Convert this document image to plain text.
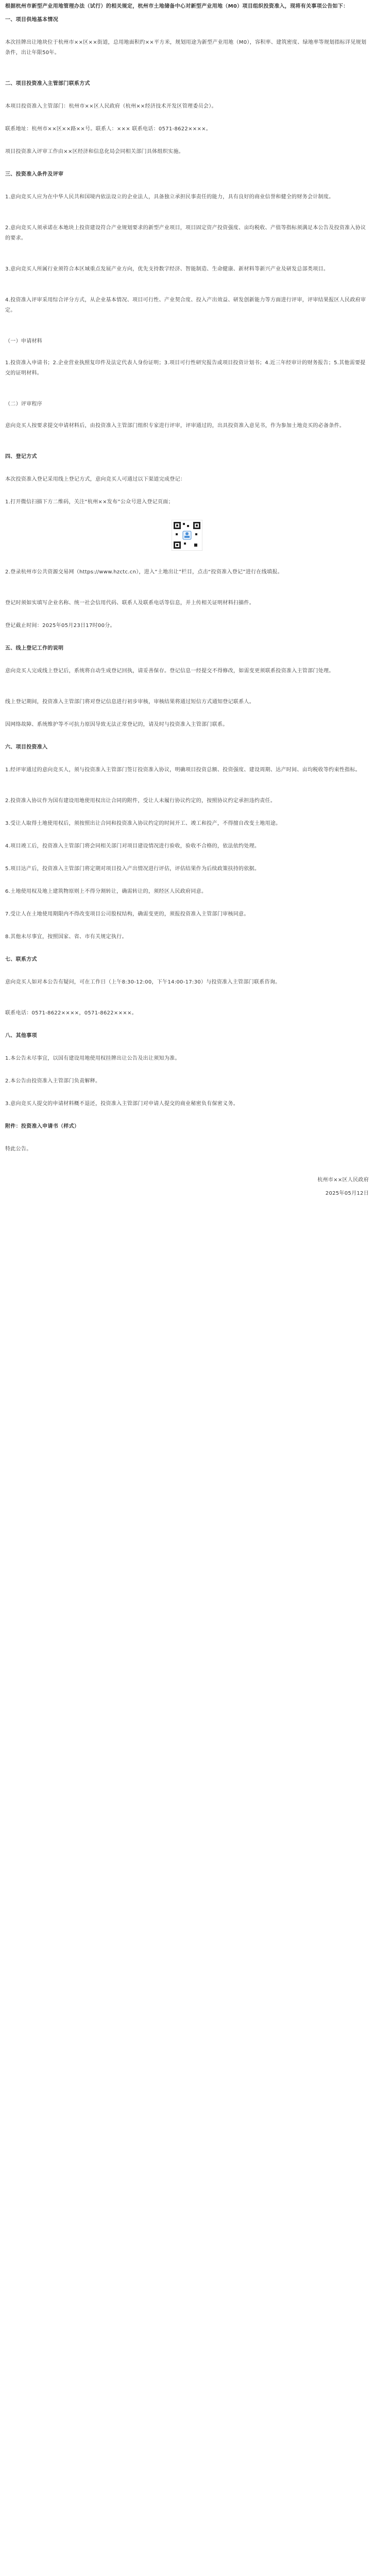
根据杭州市新型产业用地管理办法（试行）的相关规定，杭州市土地储备中心对新型产业用地（M0）项目组织投资准入，现将有关事项公告如下：

一、项目供地基本情况

本次挂牌出让地块位于杭州市××区××街道，总用地面积约××平方米，规划用途为新型产业用地（M0），容积率、建筑密度、绿地率等规划指标详见规划条件，出让年限50年。

二、项目投资准入主管部门联系方式

本项目投资准入主管部门：杭州市××区人民政府（杭州××经济技术开发区管理委员会）。

联系地址：杭州市××区××路××号。联系人：××× 联系电话：0571-8622××××。

项目投资准入评审工作由××区经济和信息化局会同相关部门具体组织实施。

三、投资准入条件及评审

1.意向竞买人应为在中华人民共和国境内依法设立的企业法人，具备独立承担民事责任的能力，具有良好的商业信誉和健全的财务会计制度。

2.意向竞买人须承诺在本地块上投资建设符合产业规划要求的新型产业项目，项目固定资产投资强度、亩均税收、产值等指标须满足本公告及投资准入协议的要求。

3.意向竞买人所属行业须符合本区域重点发展产业方向，优先支持数字经济、智能制造、生命健康、新材料等新兴产业及研发总部类项目。

4.投资准入评审采用综合评分方式，从企业基本情况、项目可行性、产业契合度、投入产出效益、研发创新能力等方面进行评审，评审结果报区人民政府审定。

（一）申请材料

1.投资准入申请书；2.企业营业执照复印件及法定代表人身份证明；3.项目可行性研究报告或项目投资计划书；4.近三年经审计的财务报告；5.其他需要提交的证明材料。

（二）评审程序

意向竞买人按要求提交申请材料后，由投资准入主管部门组织专家进行评审，评审通过的，出具投资准入意见书，作为参加土地竞买的必备条件。

四、登记方式

本次投资准入登记采用线上登记方式，意向竞买人可通过以下渠道完成登记：

1.打开微信扫描下方二维码，关注“杭州××发布”公众号进入登记页面；

2.登录杭州市公共资源交易网（https://www.hzctc.cn），进入“土地出让”栏目，点击“投资准入登记”进行在线填报。

登记时须如实填写企业名称、统一社会信用代码、联系人及联系电话等信息，并上传相关证明材料扫描件。

登记截止时间：2025年05月23日17时00分。

五、线上登记工作的说明

意向竞买人完成线上登记后，系统将自动生成登记回执，请妥善保存。登记信息一经提交不得修改，如需变更须联系投资准入主管部门处理。

线上登记期间，投资准入主管部门将对登记信息进行初步审核，审核结果将通过短信方式通知登记联系人。

因网络故障、系统维护等不可抗力原因导致无法正常登记的，请及时与投资准入主管部门联系。

六、项目投资准入

1.经评审通过的意向竞买人，须与投资准入主管部门签订投资准入协议，明确项目投资总额、投资强度、建设周期、达产时间、亩均税收等约束性指标。

2.投资准入协议作为国有建设用地使用权出让合同的附件，受让人未履行协议约定的，按照协议约定承担违约责任。

3.受让人取得土地使用权后，须按照出让合同和投资准入协议约定的时间开工、竣工和投产，不得擅自改变土地用途。

4.项目竣工后，投资准入主管部门将会同相关部门对项目建设情况进行验收，验收不合格的，依法依约处理。

5.项目达产后，投资准入主管部门将定期对项目投入产出情况进行评估，评估结果作为后续政策扶持的依据。

6.土地使用权及地上建筑物原则上不得分割转让，确需转让的，须经区人民政府同意。

7.受让人在土地使用期限内不得改变项目公司股权结构，确需变更的，须报投资准入主管部门审核同意。

8.其他未尽事宜，按照国家、省、市有关规定执行。

七、联系方式

意向竞买人如对本公告有疑问，可在工作日（上午8:30-12:00，下午14:00-17:30）与投资准入主管部门联系咨询。

联系电话：0571-8622××××，0571-8622××××。

八、其他事项

1.本公告未尽事宜，以国有建设用地使用权挂牌出让公告及出让须知为准。

2.本公告由投资准入主管部门负责解释。

3.意向竞买人提交的申请材料概不退还，投资准入主管部门对申请人提交的商业秘密负有保密义务。

附件：投资准入申请书（样式）

特此公告。

杭州市××区人民政府

2025年05月12日
